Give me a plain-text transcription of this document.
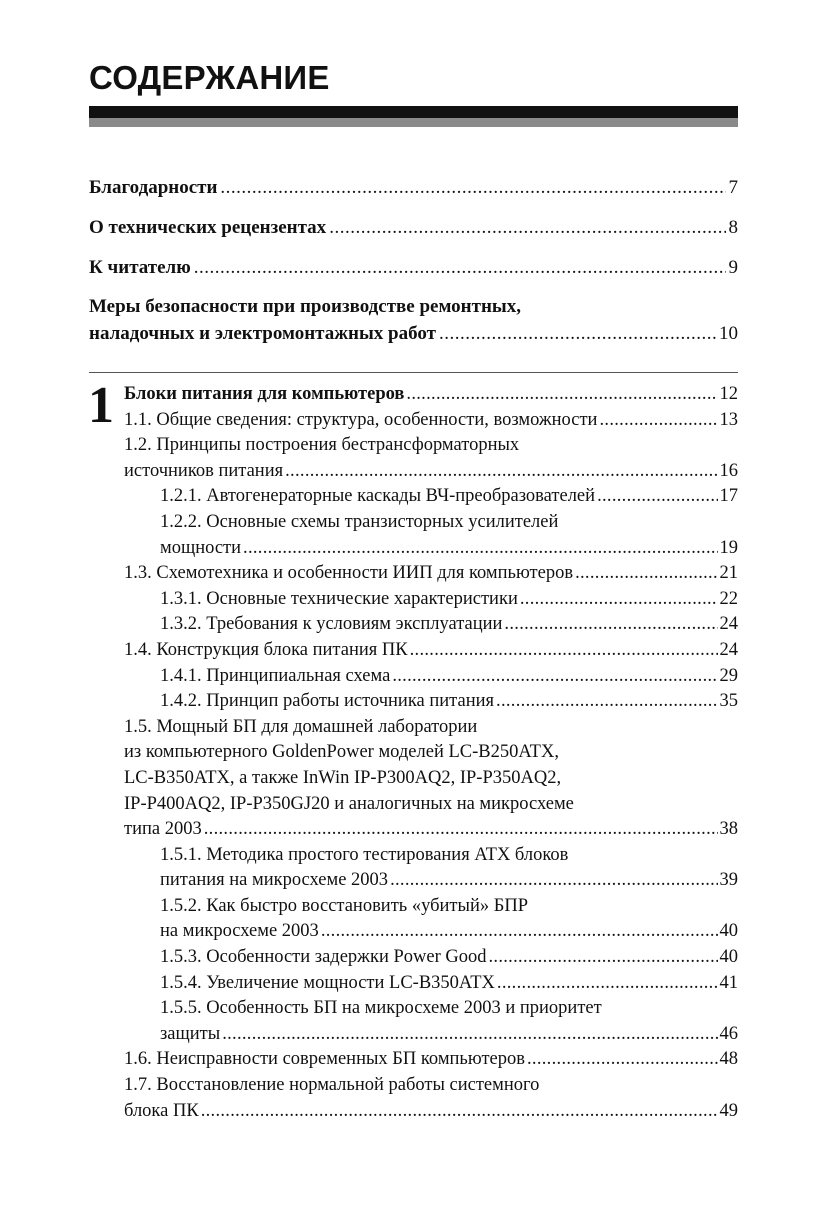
СОДЕРЖАНИЕ
Благодарности .....	7
О технических рецензентах .....	8
К читателю .....	9
Меры безопасности при производстве ремонтных,
наладочных и электромонтажных работ .....	10
1 Блоки питания для компьютеров .....	12
1.1. Общие сведения: структура, особенности, возможности .....	13
1.2. Принципы построения бестрансформаторных
источников питания .....	16
1.2.1. Автогенераторные каскады ВЧ-преобразователей .....	17
1.2.2. Основные схемы транзисторных усилителей
мощности .....	19
1.3. Схемотехника и особенности ИИП для компьютеров .....	21
1.3.1. Основные технические характеристики .....	22
1.3.2. Требования к условиям эксплуатации .....	24
1.4. Конструкция блока питания ПК .....	24
1.4.1. Принципиальная схема .....	29
1.4.2. Принцип работы источника питания .....	35
1.5. Мощный БП для домашней лаборатории
из компьютерного GoldenPower моделей LC-B250ATX,
LC-B350ATX, а также InWin IP-P300AQ2, IP-P350AQ2,
IP-P400AQ2, IP-P350GJ20 и аналогичных на микросхеме
типа 2003 .....	38
1.5.1. Методика простого тестирования ATX блоков
питания на микросхеме 2003 .....	39
1.5.2. Как быстро восстановить «убитый» БПР
на микросхеме 2003 .....	40
1.5.3. Особенности задержки Power Good .....	40
1.5.4. Увеличение мощности LC-B350ATX .....	41
1.5.5. Особенность БП на микросхеме 2003 и приоритет
защиты .....	46
1.6. Неисправности современных БП компьютеров .....	48
1.7. Восстановление нормальной работы системного
блока ПК .....	49
